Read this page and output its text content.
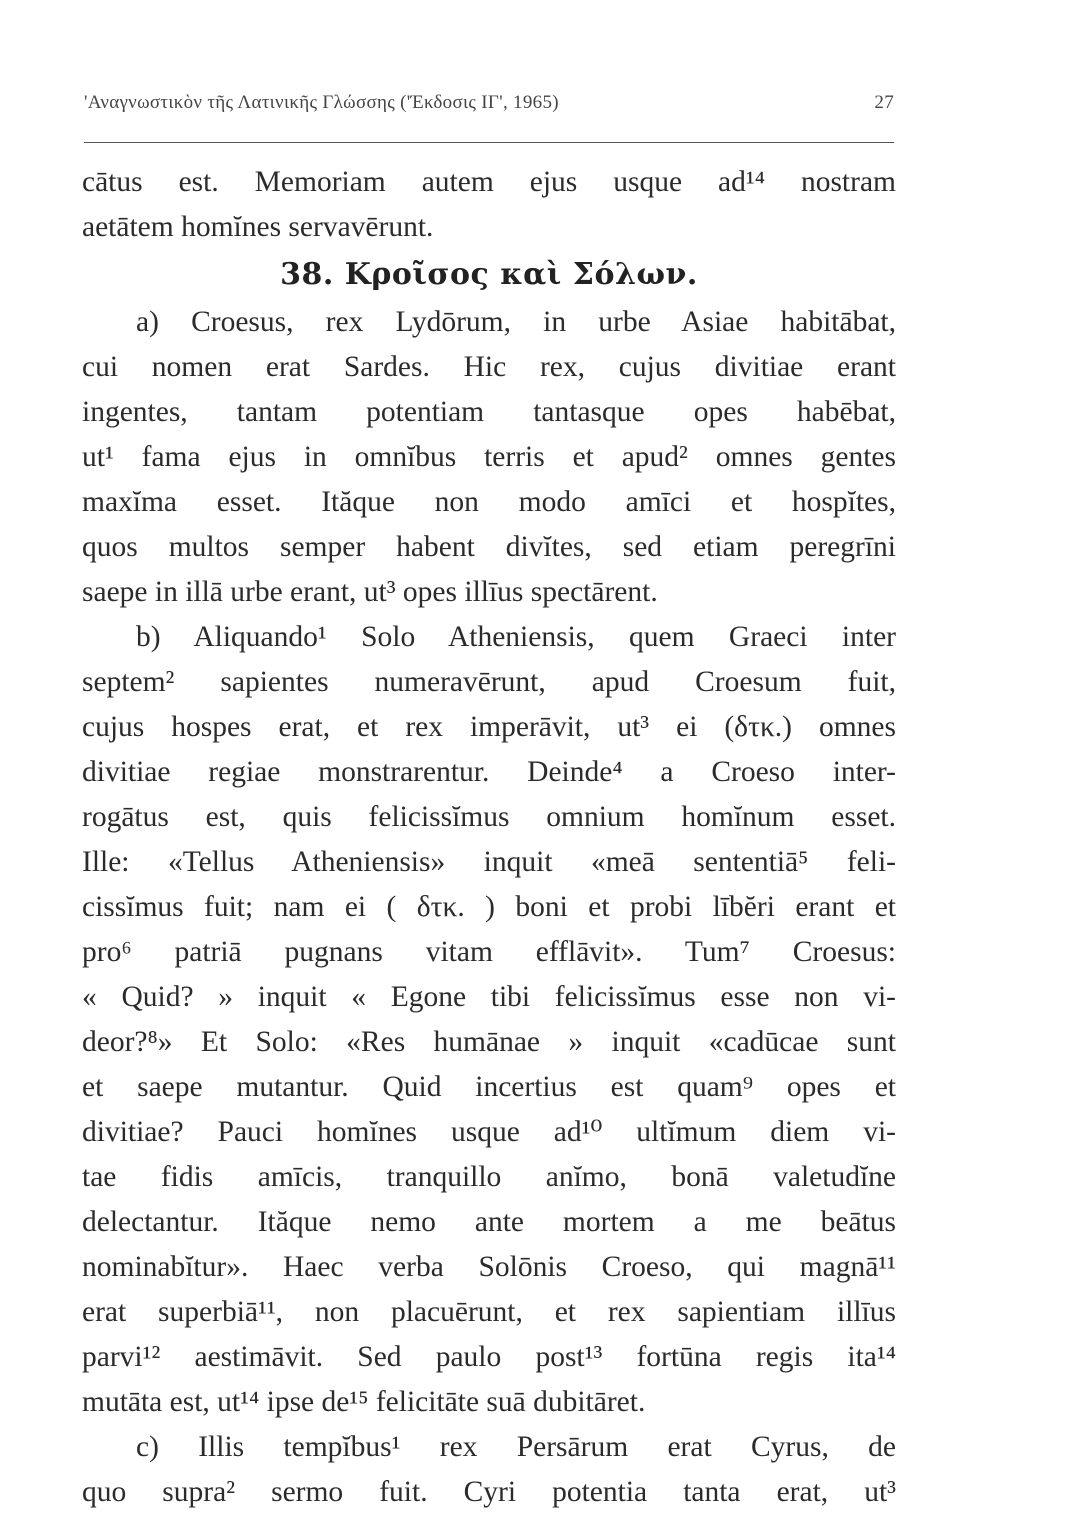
'Αναγνωστικὸν τῆς Λατινικῆς Γλώσσης ('Έκδοσις ΙΓ', 1965)	27
cātus est. Memoriam autem ejus usque ad¹⁴ nostram
aetātem homĭnes servavērunt.
38. Κροῖσος καὶ Σόλων.
a) Croesus, rex Lydōrum, in urbe Asiae habitābat,
cui nomen erat Sardes. Hic rex, cujus divitiae erant
ingentes, tantam potentiam tantasque opes habēbat,
ut¹ fama ejus in omnĭbus terris et apud² omnes gentes
maxĭma esset. Ităque non modo amīci et hospĭtes,
quos multos semper habent divĭtes, sed etiam peregrīni
saepe in illā urbe erant, ut³ opes illīus spectārent.
b) Aliquando¹ Solo Atheniensis, quem Graeci inter
septem² sapientes numeravērunt, apud Croesum fuit,
cujus hospes erat, et rex imperāvit, ut³ ei (δτκ.) omnes
divitiae regiae monstrarentur. Deinde⁴ a Croeso inter-
rogātus est, quis felicissĭmus omnium homĭnum esset.
Ille: «Tellus Atheniensis» inquit «meā sententiā⁵ feli-
cissĭmus fuit; nam ei ( δτκ. ) boni et probi lībĕri erant et
pro⁶ patriā pugnans vitam efflāvit». Tum⁷ Croesus:
« Quid? » inquit « Egone tibi felicissĭmus esse non vi-
deor?⁸» Et Solo: «Res humānae » inquit «cadūcae sunt
et saepe mutantur. Quid incertius est quam⁹ opes et
divitiae? Pauci homĭnes usque ad¹⁰ ultĭmum diem vi-
tae fidis amīcis, tranquillo anĭmo, bonā valetudĭne
delectantur. Ităque nemo ante mortem a me beātus
nominabĭtur». Haec verba Solōnis Croeso, qui magnā¹¹
erat superbiā¹¹, non placuērunt, et rex sapientiam illīus
parvi¹² aestimāvit. Sed paulo post¹³ fortūna regis ita¹⁴
mutāta est, ut¹⁴ ipse de¹⁵ felicitāte suā dubitāret.
c) Illis tempĭbus¹ rex Persārum erat Cyrus, de
quo supra² sermo fuit. Cyri potentia tanta erat, ut³
